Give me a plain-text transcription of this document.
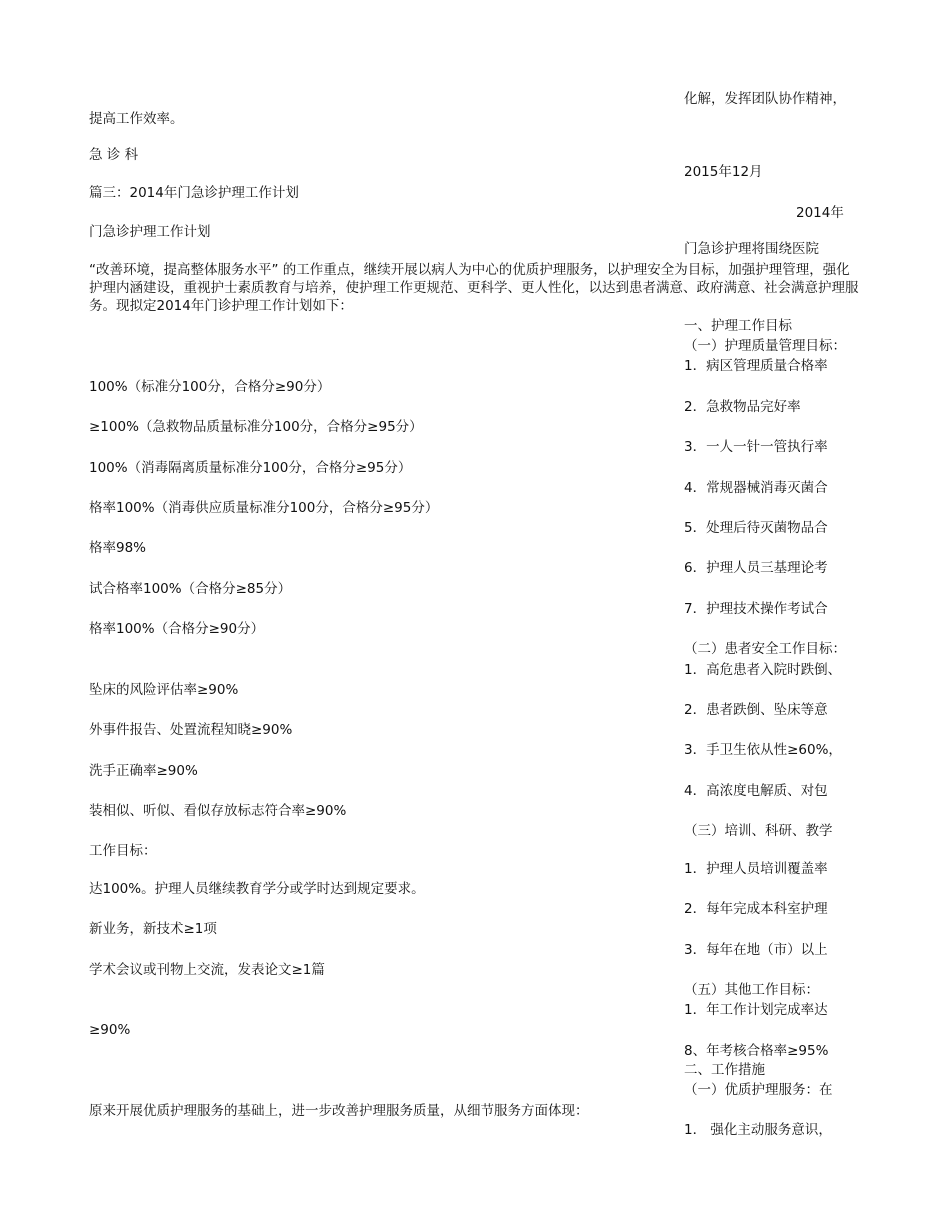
化解，发挥团队协作精神，
2015年12月
2014年
门急诊护理将围绕医院
一、护理工作目标
（一）护理质量管理目标：
1．病区管理质量合格率
2．急救物品完好率
3．一人一针一管执行率
4．常规器械消毒灭菌合
5．处理后待灭菌物品合
6．护理人员三基理论考
7．护理技术操作考试合
（二）患者安全工作目标：
1．高危患者入院时跌倒、
2．患者跌倒、坠床等意
3．手卫生依从性≥60%，
4．高浓度电解质、对包
（三）培训、科研、教学
1．护理人员培训覆盖率
2．每年完成本科室护理
3．每年在地（市）以上
（五）其他工作目标：
1．年工作计划完成率达
8、年考核合格率≥95%
二、工作措施
（一）优质护理服务：在
1． 强化主动服务意识，
提高工作效率。
急 诊 科
篇三：2014年门急诊护理工作计划
门急诊护理工作计划
“改善环境，提高整体服务水平” 的工作重点，继续开展以病人为中心的优质护理服务，以护理安全为目标，加强护理管理，强化护理内涵建设，重视护士素质教育与培养，使护理工作更规范、更科学、更人性化，以达到患者满意、政府满意、社会满意护理服务。现拟定2014年门诊护理工作计划如下：
100%（标准分100分，合格分≥90分）
≥100%（急救物品质量标准分100分，合格分≥95分）
100%（消毒隔离质量标准分100分，合格分≥95分）
格率100%（消毒供应质量标准分100分，合格分≥95分）
格率98%
试合格率100%（合格分≥85分）
格率100%（合格分≥90分）
坠床的风险评估率≥90%
外事件报告、处置流程知晓≥90%
洗手正确率≥90%
装相似、听似、看似存放标志符合率≥90%
工作目标：
达100%。护理人员继续教育学分或学时达到规定要求。
新业务，新技术≥1项
学术会议或刊物上交流，发表论文≥1篇
≥90%
原来开展优质护理服务的基础上，进一步改善护理服务质量，从细节服务方面体现：
